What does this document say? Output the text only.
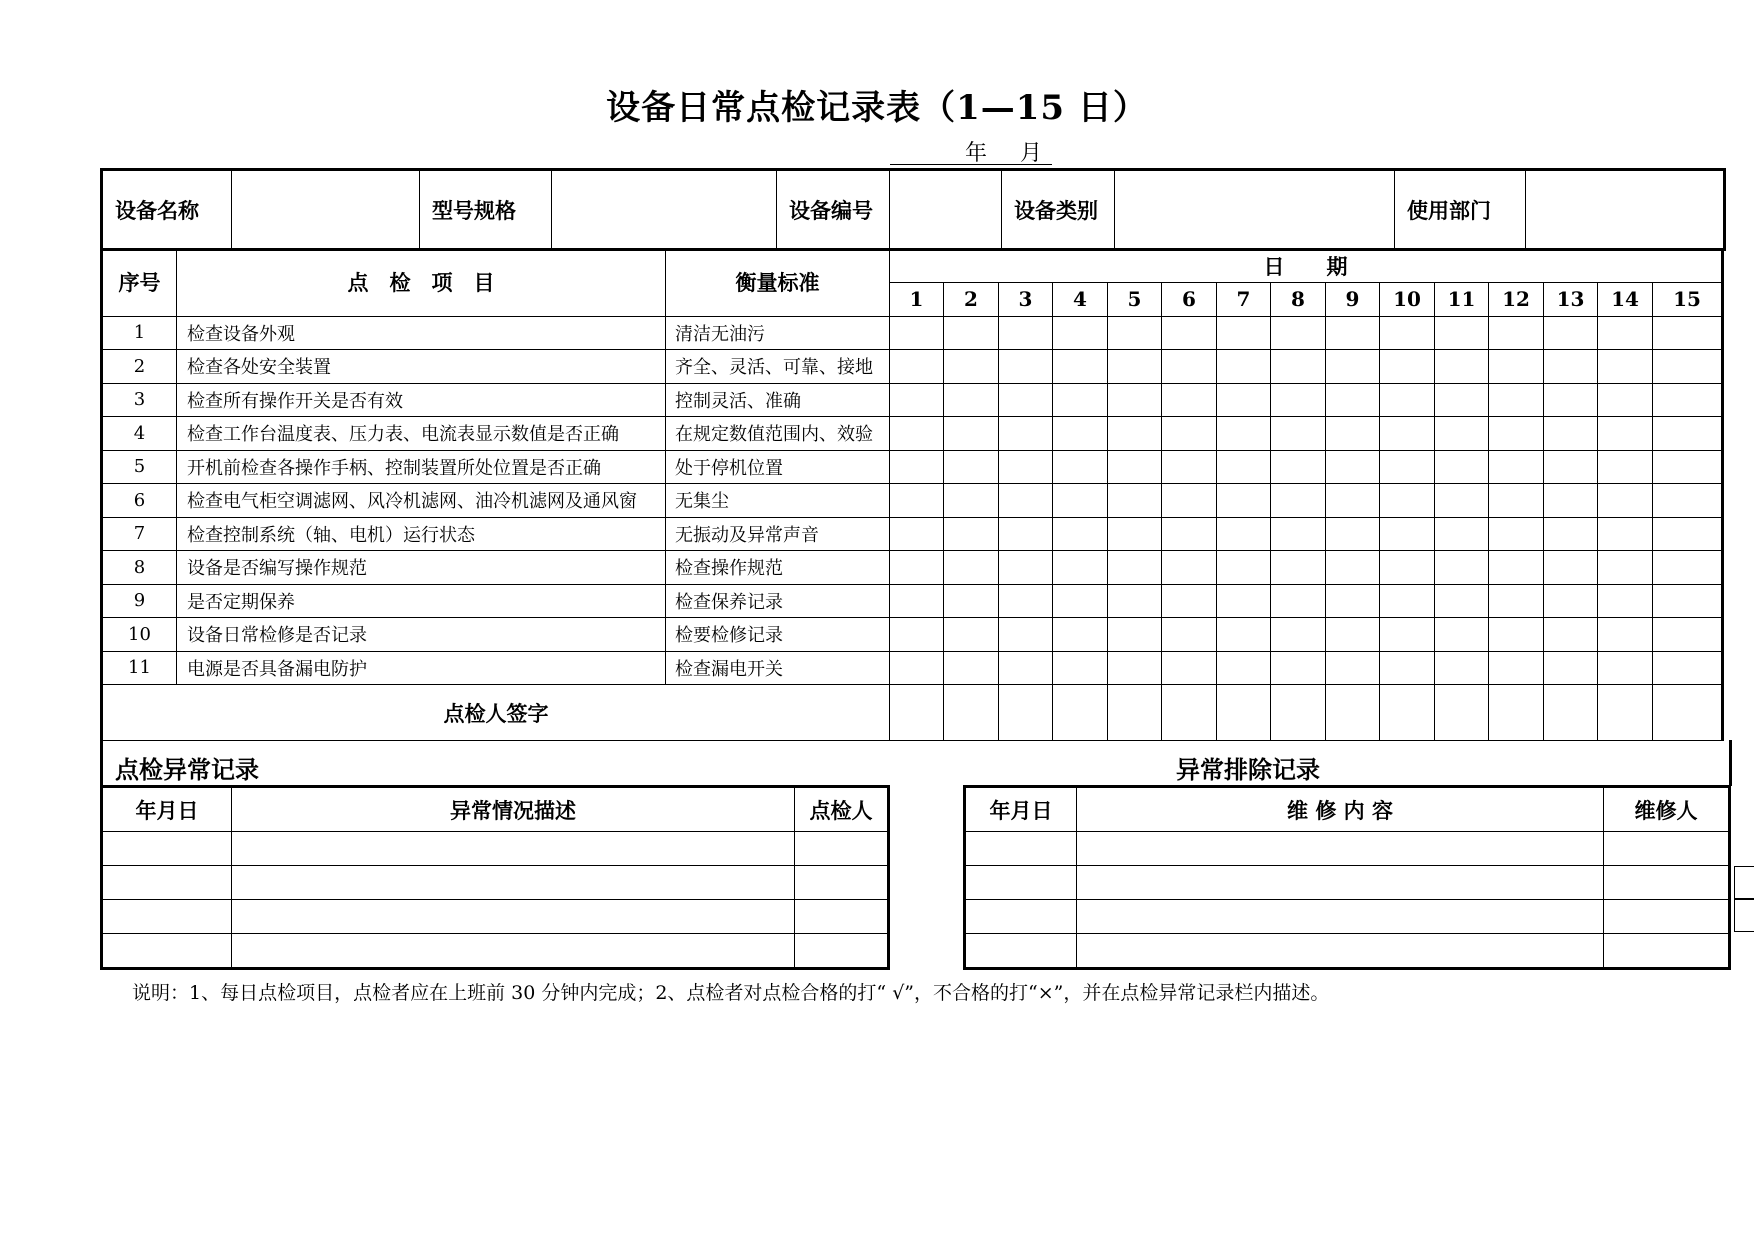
设备日常点检记录表（1—15 日）
年 月
设备名称		型号规格		设备编号		设备类别		使用部门	
序号	点　检　项　目	衡量标准	日　　期														
			1	2	3	4	5	6	7	8	9	10	11	12	13	14	15
1	检查设备外观	清洁无油污															
2	检查各处安全装置	齐全、灵活、可靠、接地															
3	检查所有操作开关是否有效	控制灵活、准确															
4	检查工作台温度表、压力表、电流表显示数值是否正确	在规定数值范围内、效验															
5	开机前检查各操作手柄、控制装置所处位置是否正确	处于停机位置															
6	检查电气柜空调滤网、风冷机滤网、油冷机滤网及通风窗	无集尘															
7	检查控制系统（轴、电机）运行状态	无振动及异常声音															
8	设备是否编写操作规范	检查操作规范															
9	是否定期保养	检查保养记录															
10	设备日常检修是否记录	检要检修记录															
11	电源是否具备漏电防护	检查漏电开关															
点检人签字																	
点检异常记录	异常排除记录
年月日	异常情况描述	点检人

			年月日	维 修 内 容	维修人

说明：1、每日点检项目，点检者应在上班前 30 分钟内完成；2、点检者对点检合格的打“ √”，不合格的打“×”，并在点检异常记录栏内描述。
